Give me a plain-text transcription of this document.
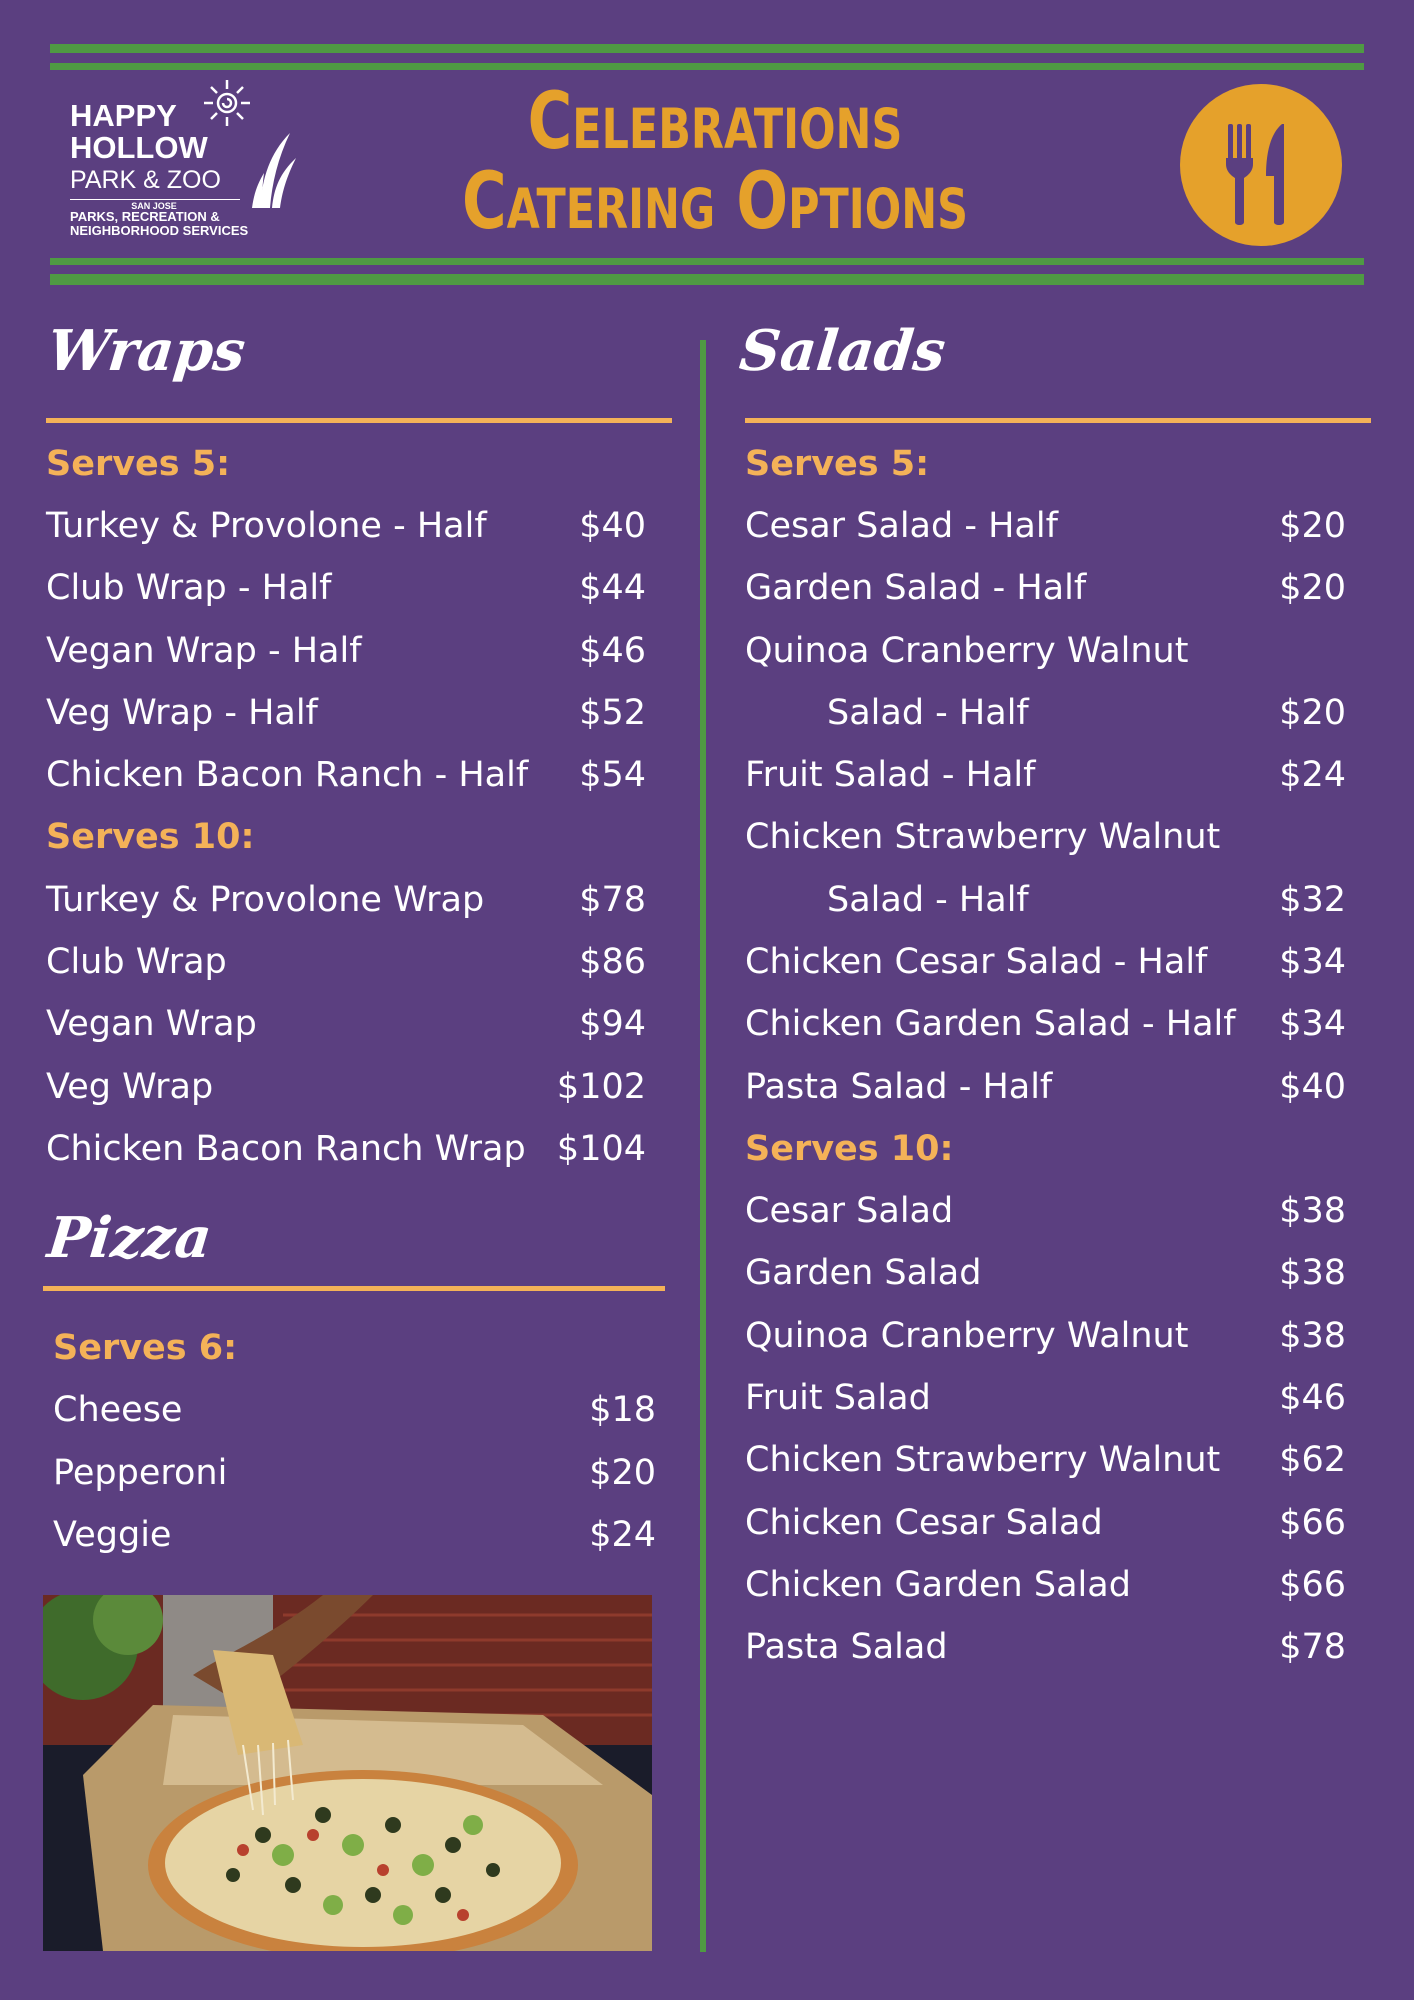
HAPPY
HOLLOW
PARK & ZOO
SAN JOSE
PARKS, RECREATION &
NEIGHBORHOOD SERVICES
Celebrations
Catering Options
Wraps
Serves 5:
Turkey & Provolone - Half	$40
Club Wrap - Half	$44
Vegan Wrap - Half	$46
Veg Wrap - Half	$52
Chicken Bacon Ranch - Half $54
Serves 10:
Turkey & Provolone Wrap	$78
Club Wrap	$86
Vegan Wrap	$94
Veg Wrap	$102
Chicken Bacon Ranch Wrap $104
Pizza
Serves 6:
Cheese	$18
Pepperoni	$20
Veggie	$24
Salads
Serves 5:
Cesar Salad - Half	$20
Garden Salad - Half	$20
Quinoa Cranberry Walnut
Salad - Half	$20
Fruit Salad - Half	$24
Chicken Strawberry Walnut
Salad - Half	$32
Chicken Cesar Salad - Half $34
Chicken Garden Salad - Half $34
Pasta Salad - Half	$40
Serves 10:
Cesar Salad	$38
Garden Salad	$38
Quinoa Cranberry Walnut	$38
Fruit Salad	$46
Chicken Strawberry Walnut $62
Chicken Cesar Salad	$66
Chicken Garden Salad	$66
Pasta Salad	$78
